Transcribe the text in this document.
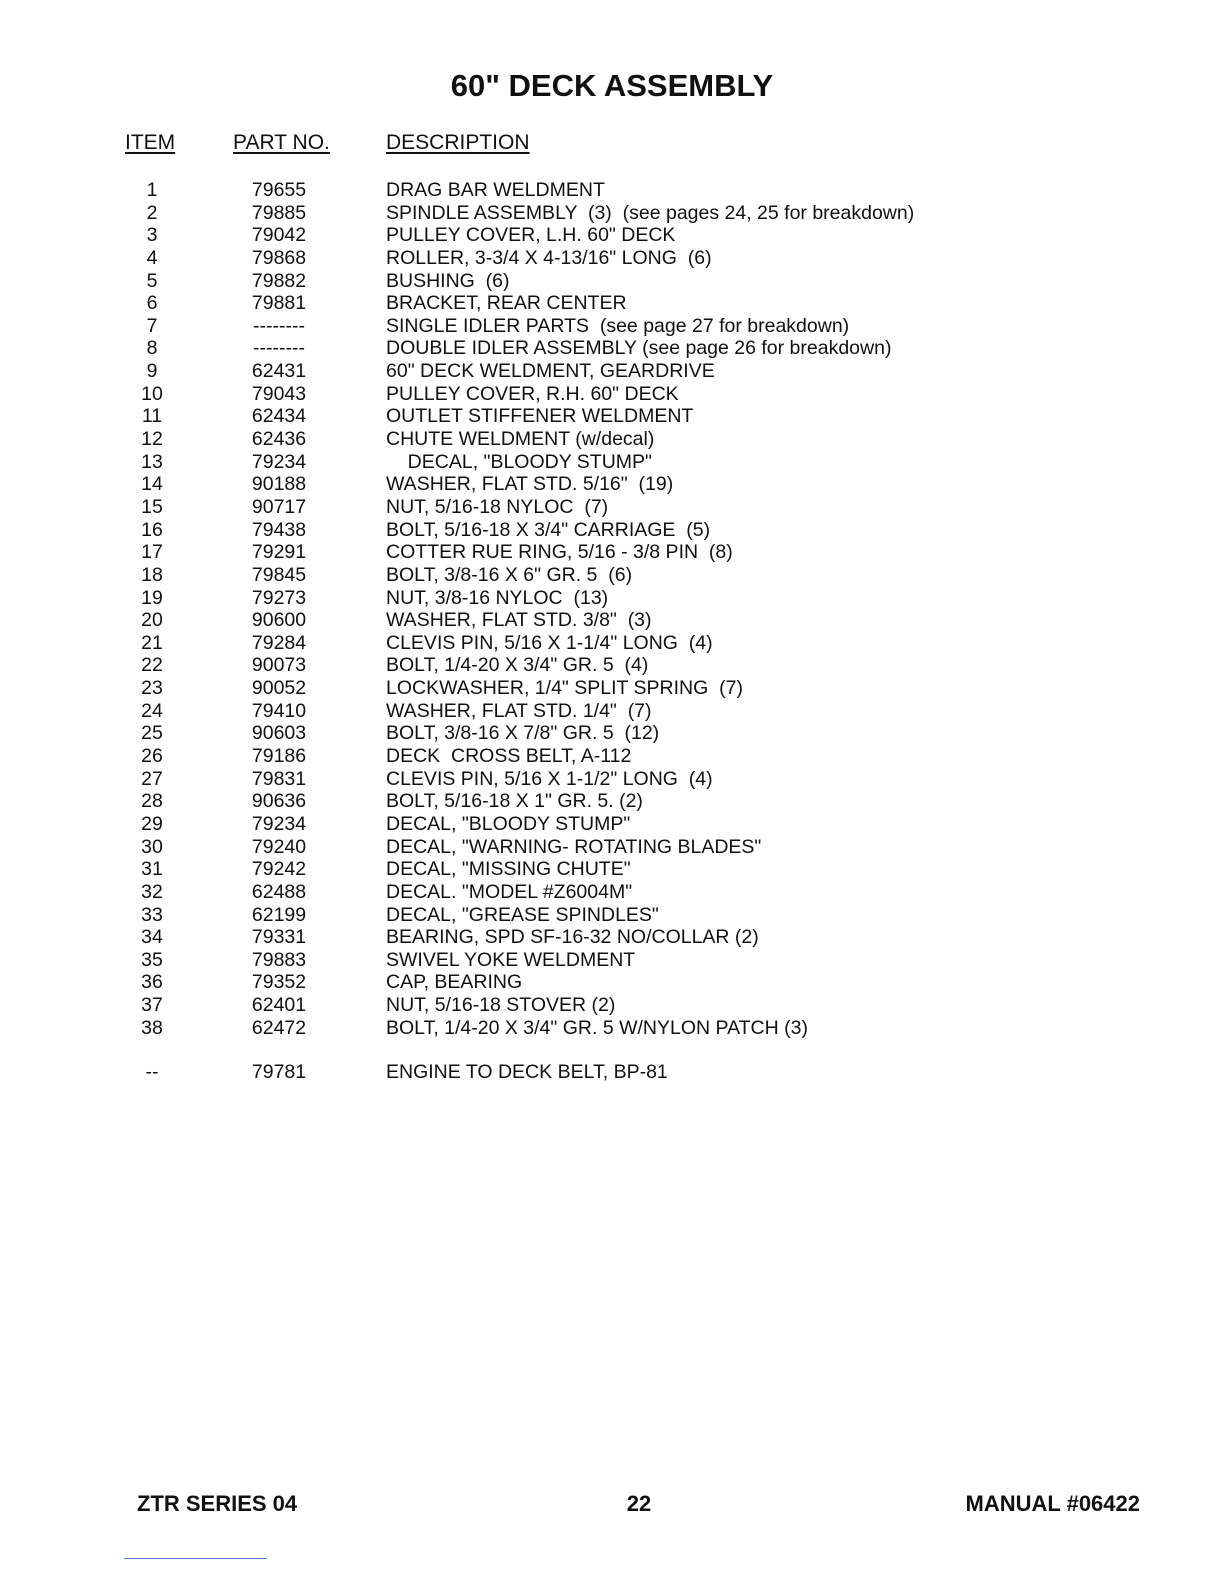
60" DECK ASSEMBLY
ITEM	PART NO.	DESCRIPTION
1	79655	DRAG BAR WELDMENT
2	79885	SPINDLE ASSEMBLY  (3)  (see pages 24, 25 for breakdown)
3	79042	PULLEY COVER, L.H. 60" DECK
4	79868	ROLLER, 3-3/4 X 4-13/16" LONG  (6)
5	79882	BUSHING  (6)
6	79881	BRACKET, REAR CENTER
7	--------	SINGLE IDLER PARTS  (see page 27 for breakdown)
8	--------	DOUBLE IDLER ASSEMBLY (see page 26 for breakdown)
9	62431	60" DECK WELDMENT, GEARDRIVE
10	79043	PULLEY COVER, R.H. 60" DECK
11	62434	OUTLET STIFFENER WELDMENT
12	62436	CHUTE WELDMENT (w/decal)
13	79234	DECAL, "BLOODY STUMP"
14	90188	WASHER, FLAT STD. 5/16"  (19)
15	90717	NUT, 5/16-18 NYLOC  (7)
16	79438	BOLT, 5/16-18 X 3/4" CARRIAGE  (5)
17	79291	COTTER RUE RING, 5/16 - 3/8 PIN  (8)
18	79845	BOLT, 3/8-16 X 6" GR. 5  (6)
19	79273	NUT, 3/8-16 NYLOC  (13)
20	90600	WASHER, FLAT STD. 3/8"  (3)
21	79284	CLEVIS PIN, 5/16 X 1-1/4" LONG  (4)
22	90073	BOLT, 1/4-20 X 3/4" GR. 5  (4)
23	90052	LOCKWASHER, 1/4" SPLIT SPRING  (7)
24	79410	WASHER, FLAT STD. 1/4"  (7)
25	90603	BOLT, 3/8-16 X 7/8" GR. 5  (12)
26	79186	DECK  CROSS BELT, A-112
27	79831	CLEVIS PIN, 5/16 X 1-1/2" LONG  (4)
28	90636	BOLT, 5/16-18 X 1" GR. 5. (2)
29	79234	DECAL, "BLOODY STUMP"
30	79240	DECAL, "WARNING- ROTATING BLADES"
31	79242	DECAL, "MISSING CHUTE"
32	62488	DECAL. "MODEL #Z6004M"
33	62199	DECAL, "GREASE SPINDLES"
34	79331	BEARING, SPD SF-16-32 NO/COLLAR (2)
35	79883	SWIVEL YOKE WELDMENT
36	79352	CAP, BEARING
37	62401	NUT, 5/16-18 STOVER (2)
38	62472	BOLT, 1/4-20 X 3/4" GR. 5 W/NYLON PATCH (3)
--	79781	ENGINE TO DECK BELT, BP-81
ZTR SERIES 04	22	MANUAL #06422
